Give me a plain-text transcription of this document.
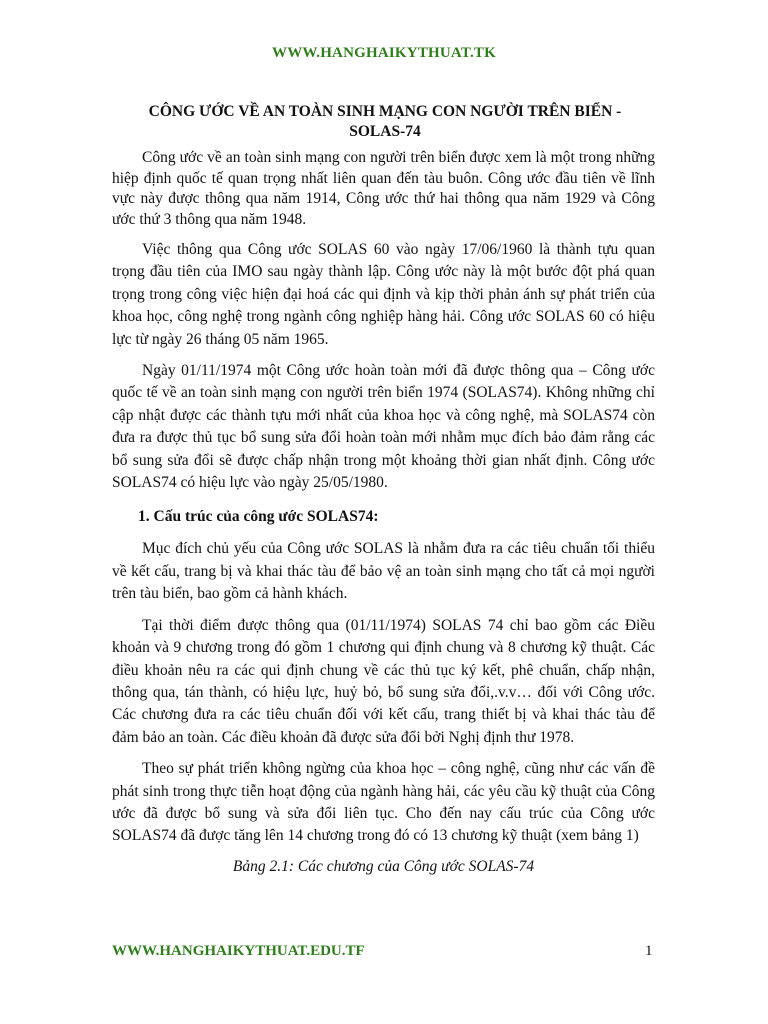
WWW.HANGHAIKYTHUAT.TK
CÔNG ƯỚC VỀ AN TOÀN SINH MẠNG CON NGƯỜI TRÊN BIỂN -
SOLAS-74

Công ước về an toàn sinh mạng con người trên biển được xem là một trong những hiệp định quốc tế quan trọng nhất liên quan đến tàu buôn. Công ước đầu tiên về lĩnh vực này được thông qua năm 1914, Công ước thứ hai thông qua năm 1929 và Công ước thứ 3 thông qua năm 1948.

Việc thông qua Công ước SOLAS 60 vào ngày 17/06/1960 là thành tựu quan trọng đầu tiên của IMO sau ngày thành lập. Công ước này là một bước đột phá quan trọng trong công việc hiện đại hoá các qui định và kịp thời phản ánh sự phát triển của khoa học, công nghệ trong ngành công nghiệp hàng hải. Công ước SOLAS 60 có hiệu lực từ ngày 26 tháng 05 năm 1965.

Ngày 01/11/1974 một Công ước hoàn toàn mới đã được thông qua – Công ước quốc tế về an toàn sinh mạng con người trên biển 1974 (SOLAS74). Không những chỉ cập nhật được các thành tựu mới nhất của khoa học và công nghệ, mà SOLAS74 còn đưa ra được thủ tục bổ sung sửa đổi hoàn toàn mới nhằm mục đích bảo đảm rằng các bổ sung sửa đổi sẽ được chấp nhận trong một khoảng thời gian nhất định. Công ước SOLAS74 có hiệu lực vào ngày 25/05/1980.

1. Cấu trúc của công ước SOLAS74:

Mục đích chủ yếu của Công ước SOLAS là nhằm đưa ra các tiêu chuẩn tối thiểu về kết cấu, trang bị và khai thác tàu để bảo vệ an toàn sinh mạng cho tất cả mọi người trên tàu biển, bao gồm cả hành khách.

Tại thời điểm được thông qua (01/11/1974) SOLAS 74 chỉ bao gồm các Điều khoản và 9 chương trong đó gồm 1 chương qui định chung và 8 chương kỹ thuật. Các điều khoản nêu ra các qui định chung về các thủ tục ký kết, phê chuẩn, chấp nhận, thông qua, tán thành, có hiệu lực, huỷ bỏ, bổ sung sửa đổi,.v.v… đối với Công ước. Các chương đưa ra các tiêu chuẩn đối với kết cấu, trang thiết bị và khai thác tàu để đảm bảo an toàn. Các điều khoản đã được sửa đổi bởi Nghị định thư 1978.

Theo sự phát triển không ngừng của khoa học – công nghệ, cũng như các vấn đề phát sinh trong thực tiễn hoạt động của ngành hàng hải, các yêu cầu kỹ thuật của Công ước đã được bổ sung và sửa đổi liên tục. Cho đến nay cấu trúc của Công ước SOLAS74 đã được tăng lên 14 chương trong đó có 13 chương kỹ thuật (xem bảng 1)

Bảng 2.1: Các chương của Công ước SOLAS-74
WWW.HANGHAIKYTHUAT.EDU.TF	1
